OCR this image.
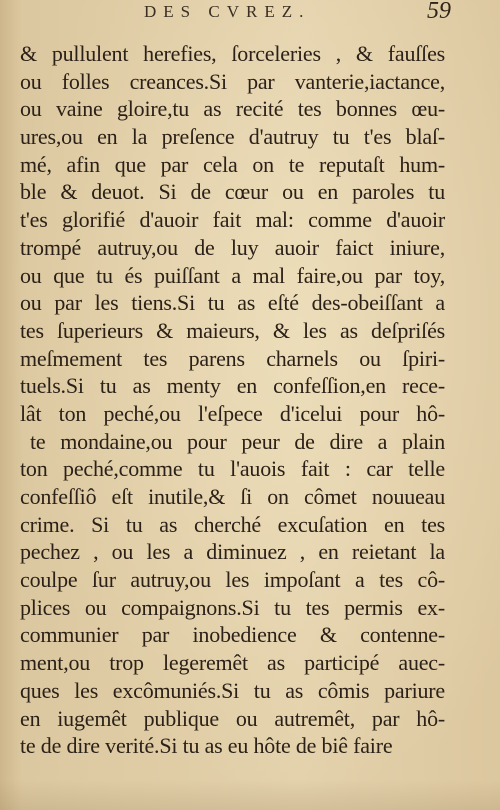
DES CVREZ.	59
& pullulent herefies, ſorceleries , & fauſſes
ou folles creances.Si par vanterie,iactance,
ou vaine gloire,tu as recité tes bonnes œu-
ures,ou en la preſence d'autruy tu t'es blaſ-
mé, afin que par cela on te reputaſt hum-
ble & deuot. Si de cœur ou en paroles tu
t'es glorifié d'auoir fait mal: comme d'auoir
trompé autruy,ou de luy auoir faict iniure,
ou que tu és puiſſant a mal faire,ou par toy,
ou par les tiens.Si tu as eſté des-obeiſſant a
tes ſuperieurs & maieurs, & les as deſpriſés
meſmement tes parens charnels ou ſpiri-
tuels.Si tu as menty en confeſſion,en rece-
lât ton peché,ou l'eſpece d'icelui pour hô-
te mondaine,ou pour peur de dire a plain
ton peché,comme tu l'auois fait : car telle
confeſſiô eſt inutile,& ſi on cômet nouueau
crime. Si tu as cherché excuſation en tes
pechez , ou les a diminuez , en reietant la
coulpe ſur autruy,ou les impoſant a tes cô-
plices ou compaignons.Si tu tes permis ex-
communier par inobedience & contenne-
ment,ou trop legeremêt as participé auec-
ques les excômuniés.Si tu as cômis pariure
en iugemêt publique ou autremêt, par hô-
te de dire verité.Si tu as eu hôte de biê faire
